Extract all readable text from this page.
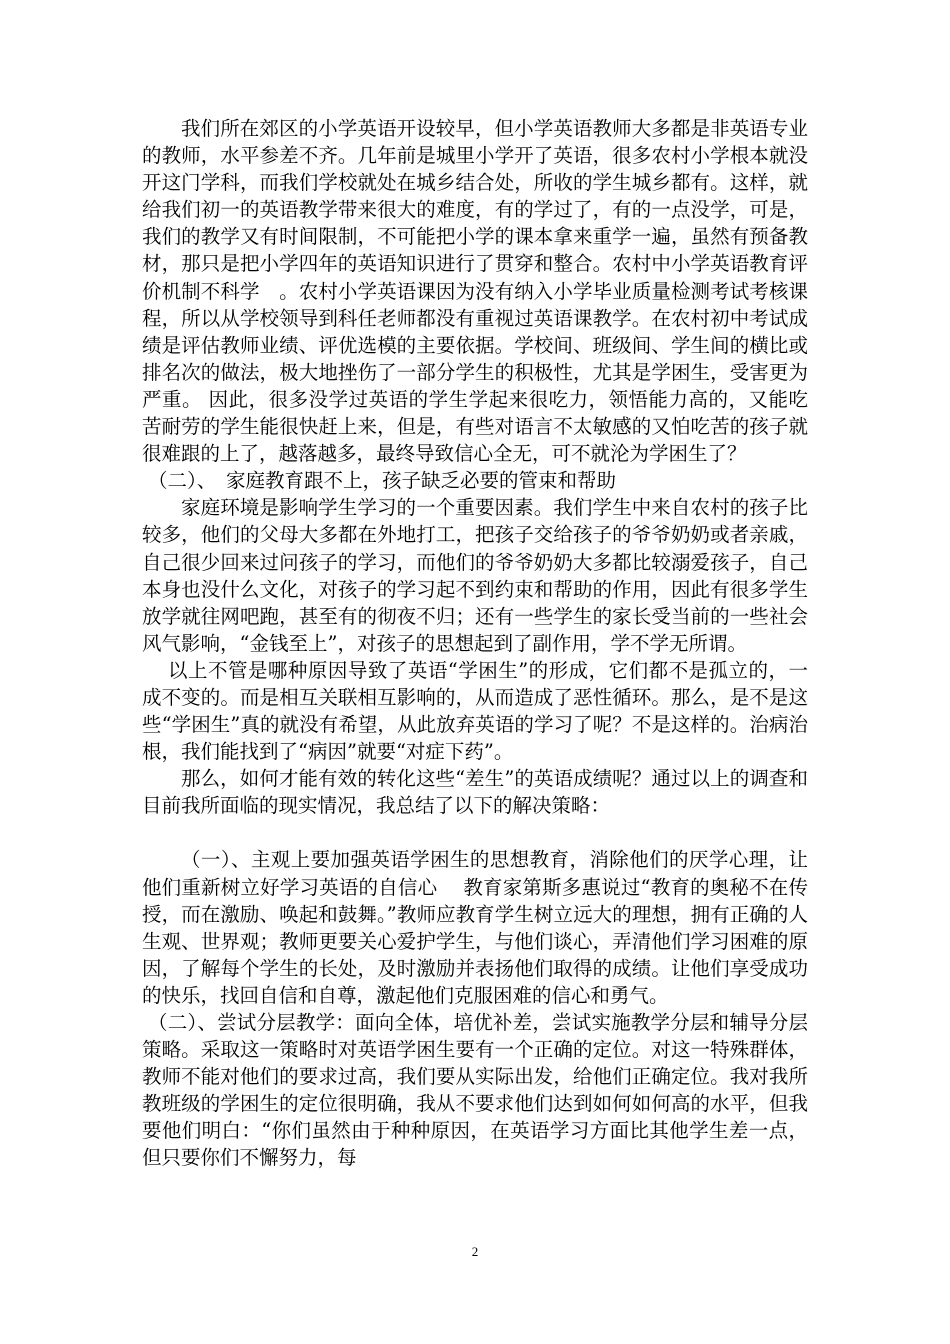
我们所在郊区的小学英语开设较早，但小学英语教师大多都是非英语专业的教师，水平参差不齐。几年前是城里小学开了英语，很多农村小学根本就没开这门学科，而我们学校就处在城乡结合处，所收的学生城乡都有。这样，就给我们初一的英语教学带来很大的难度，有的学过了，有的一点没学，可是，我们的教学又有时间限制，不可能把小学的课本拿来重学一遍，虽然有预备教材，那只是把小学四年的英语知识进行了贯穿和整合。农村中小学英语教育评价机制不科学　。农村小学英语课因为没有纳入小学毕业质量检测考试考核课程，所以从学校领导到科任老师都没有重视过英语课教学。在农村初中考试成绩是评估教师业绩、评优选模的主要依据。学校间、班级间、学生间的横比或排名次的做法，极大地挫伤了一部分学生的积极性，尤其是学困生，受害更为严重。 因此，很多没学过英语的学生学起来很吃力，领悟能力高的，又能吃苦耐劳的学生能很快赶上来，但是，有些对语言不太敏感的又怕吃苦的孩子就很难跟的上了，越落越多，最终导致信心全无，可不就沦为学困生了？

（二）、　家庭教育跟不上，孩子缺乏必要的管束和帮助

家庭环境是影响学生学习的一个重要因素。我们学生中来自农村的孩子比较多，他们的父母大多都在外地打工，把孩子交给孩子的爷爷奶奶或者亲戚，自己很少回来过问孩子的学习，而他们的爷爷奶奶大多都比较溺爱孩子，自己本身也没什么文化，对孩子的学习起不到约束和帮助的作用，因此有很多学生放学就往网吧跑，甚至有的彻夜不归；还有一些学生的家长受当前的一些社会风气影响，“金钱至上”，对孩子的思想起到了副作用，学不学无所谓。

以上不管是哪种原因导致了英语“学困生”的形成，它们都不是孤立的，一成不变的。而是相互关联相互影响的，从而造成了恶性循环。那么，是不是这些“学困生”真的就没有希望，从此放弃英语的学习了呢？不是这样的。治病治根，我们能找到了“病因”就要“对症下药”。

那么，如何才能有效的转化这些“差生”的英语成绩呢？通过以上的调查和目前我所面临的现实情况，我总结了以下的解决策略：

（一）、主观上要加强英语学困生的思想教育，消除他们的厌学心理，让他们重新树立好学习英语的自信心　 教育家第斯多惠说过“教育的奥秘不在传授，而在激励、唤起和鼓舞。”教师应教育学生树立远大的理想，拥有正确的人生观、世界观；教师更要关心爱护学生，与他们谈心，弄清他们学习困难的原因，了解每个学生的长处，及时激励并表扬他们取得的成绩。让他们享受成功的快乐，找回自信和自尊，激起他们克服困难的信心和勇气。

（二）、尝试分层教学：面向全体，培优补差，尝试实施教学分层和辅导分层策略。采取这一策略时对英语学困生要有一个正确的定位。对这一特殊群体，教师不能对他们的要求过高，我们要从实际出发，给他们正确定位。我对我所教班级的学困生的定位很明确，我从不要求他们达到如何如何高的水平，但我要他们明白：“你们虽然由于种种原因，在英语学习方面比其他学生差一点，但只要你们不懈努力，每

2
